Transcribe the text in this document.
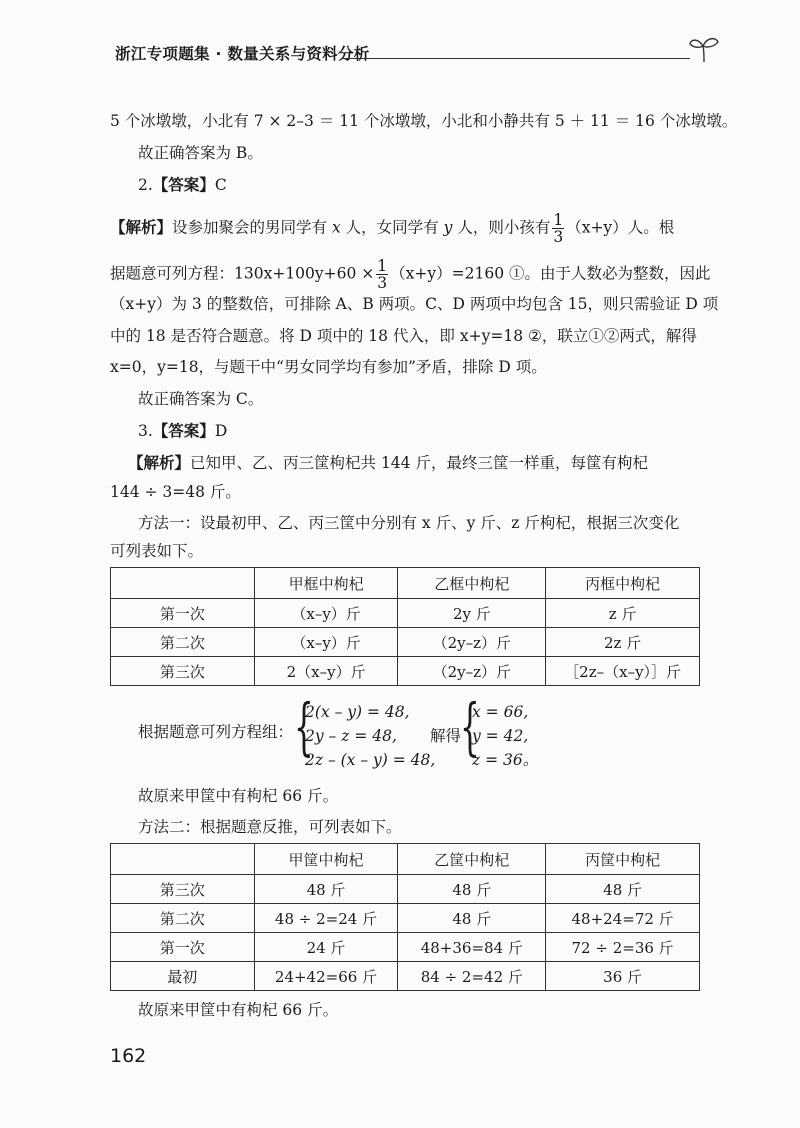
浙江专项题集 · 数量关系与资料分析
5 个冰墩墩，小北有 7 × 2–3 ＝ 11 个冰墩墩，小北和小静共有 5 ＋ 11 ＝ 16 个冰墩墩。
故正确答案为 B。
2.【答案】C
【解析】设参加聚会的男同学有 x 人，女同学有 y 人，则小孩有 $\frac{1}{3} (x+y)$人。根
据题意可列方程：$130x+100y+60 \times \frac{1}{3} (x+y)=2160$ ①。由于人数必为整数，因此
（x+y）为 3 的整数倍，可排除 A、B 两项。C、D 两项中均包含 15，则只需验证 D 项
中的 18 是否符合题意。将 D 项中的 18 代入，即 x+y=18 ②，联立①②两式，解得
x=0，y=18，与题干中“男女同学均有参加”矛盾，排除 D 项。
故正确答案为 C。
3.【答案】D
【解析】已知甲、乙、丙三筐枸杞共 144 斤，最终三筐一样重，每筐有枸杞
144 ÷ 3=48 斤。
方法一：设最初甲、乙、丙三筐中分别有 x 斤、y 斤、z 斤枸杞，根据三次变化
可列表如下。
	甲框中枸杞	乙框中枸杞	丙框中枸杞
第一次	（x–y）斤	2y 斤	z 斤
第二次	（x–y）斤	（2y–z）斤	2z 斤
第三次	2（x–y）斤	（2y–z）斤	［2z–（x–y）］斤
根据题意可列方程组： {
2(x – y) = 48,
2y – z = 48,
2z – (x – y) = 48,
解得
{
x = 66,
y = 42,
z = 36。
故原来甲筐中有枸杞 66 斤。
方法二：根据题意反推，可列表如下。
	甲筐中枸杞	乙筐中枸杞	丙筐中枸杞
第三次	48 斤	48 斤	48 斤
第二次	48 ÷ 2=24 斤	48 斤	48+24=72 斤
第一次	24 斤	48+36=84 斤	72 ÷ 2=36 斤
最初	24+42=66 斤	84 ÷ 2=42 斤	36 斤
故原来甲筐中有枸杞 66 斤。
162
